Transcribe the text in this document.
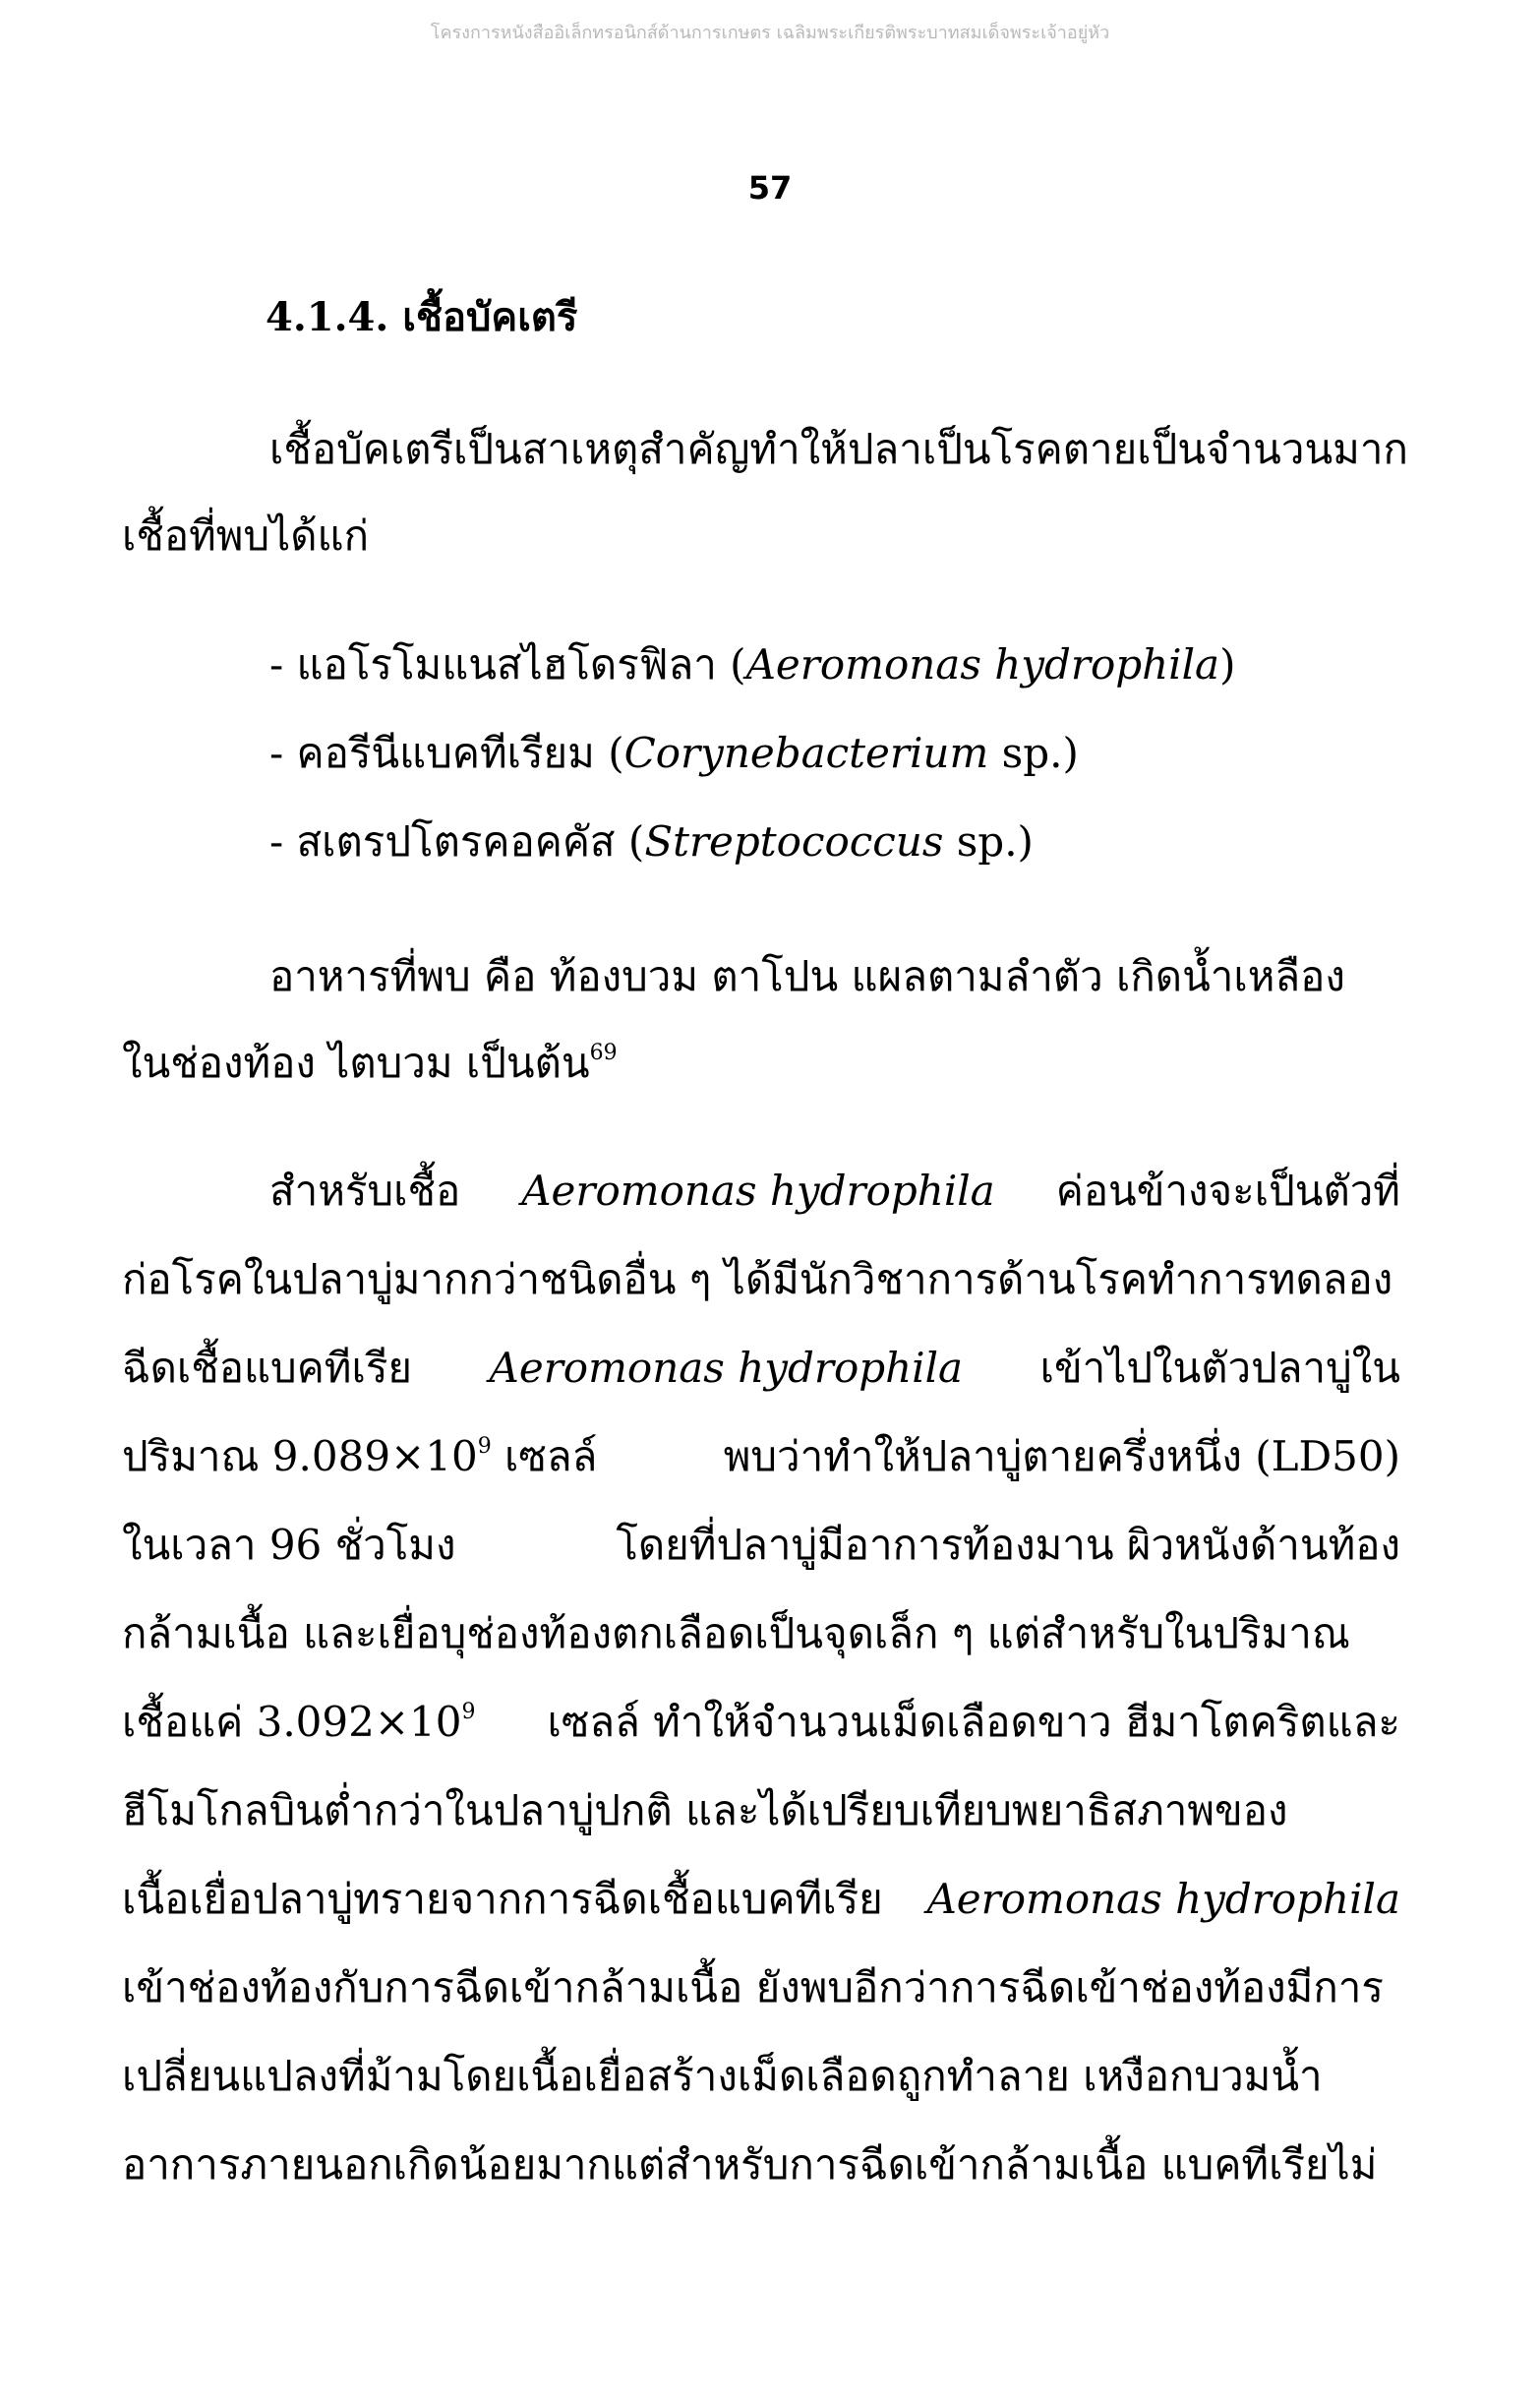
โครงการหนังสืออิเล็กทรอนิกส์ด้านการเกษตร เฉลิมพระเกียรติพระบาทสมเด็จพระเจ้าอยู่หัว
57
4.1.4. เชื้อบัคเตรี
เชื้อบัคเตรีเป็นสาเหตุสำคัญทำให้ปลาเป็นโรคตายเป็นจำนวนมาก
เชื้อที่พบได้แก่
- แอโรโมแนสไฮโดรฟิลา (Aeromonas hydrophila)
- คอรีนีแบคทีเรียม (Corynebacterium sp.)
- สเตรปโตรคอคคัส (Streptococcus sp.)
อาหารที่พบ คือ ท้องบวม ตาโปน แผลตามลำตัว เกิดน้ำเหลือง
ในช่องท้อง ไตบวม เป็นต้น$^{69}$
สำหรับเชื้อ Aeromonas hydrophila ค่อนข้างจะเป็นตัวที่
ก่อโรคในปลาบู่มากกว่าชนิดอื่น ๆ ได้มีนักวิชาการด้านโรคทำการทดลอง
ฉีดเชื้อแบคทีเรีย Aeromonas hydrophila เข้าไปในตัวปลาบู่ใน
ปริมาณ $9.089\times 10^9$ เซลล์	พบว่าทำให้ปลาบู่ตายครึ่งหนึ่ง (LD50)
ในเวลา 96 ชั่วโมง	โดยที่ปลาบู่มีอาการท้องมาน ผิวหนังด้านท้อง
กล้ามเนื้อ และเยื่อบุช่องท้องตกเลือดเป็นจุดเล็ก ๆ แต่สำหรับในปริมาณ
เชื้อแค่ $3.092\times 10^9$ เซลล์ ทำให้จำนวนเม็ดเลือดขาว ฮีมาโตคริตและ
ฮีโมโกลบินต่ำกว่าในปลาบู่ปกติ และได้เปรียบเทียบพยาธิสภาพของ
เนื้อเยื่อปลาบู่ทรายจากการฉีดเชื้อแบคทีเรีย Aeromonas hydrophila
เข้าช่องท้องกับการฉีดเข้ากล้ามเนื้อ ยังพบอีกว่าการฉีดเข้าช่องท้องมีการ
เปลี่ยนแปลงที่ม้ามโดยเนื้อเยื่อสร้างเม็ดเลือดถูกทำลาย เหงือกบวมน้ำ
อาการภายนอกเกิดน้อยมากแต่สำหรับการฉีดเข้ากล้ามเนื้อ แบคทีเรียไม่
